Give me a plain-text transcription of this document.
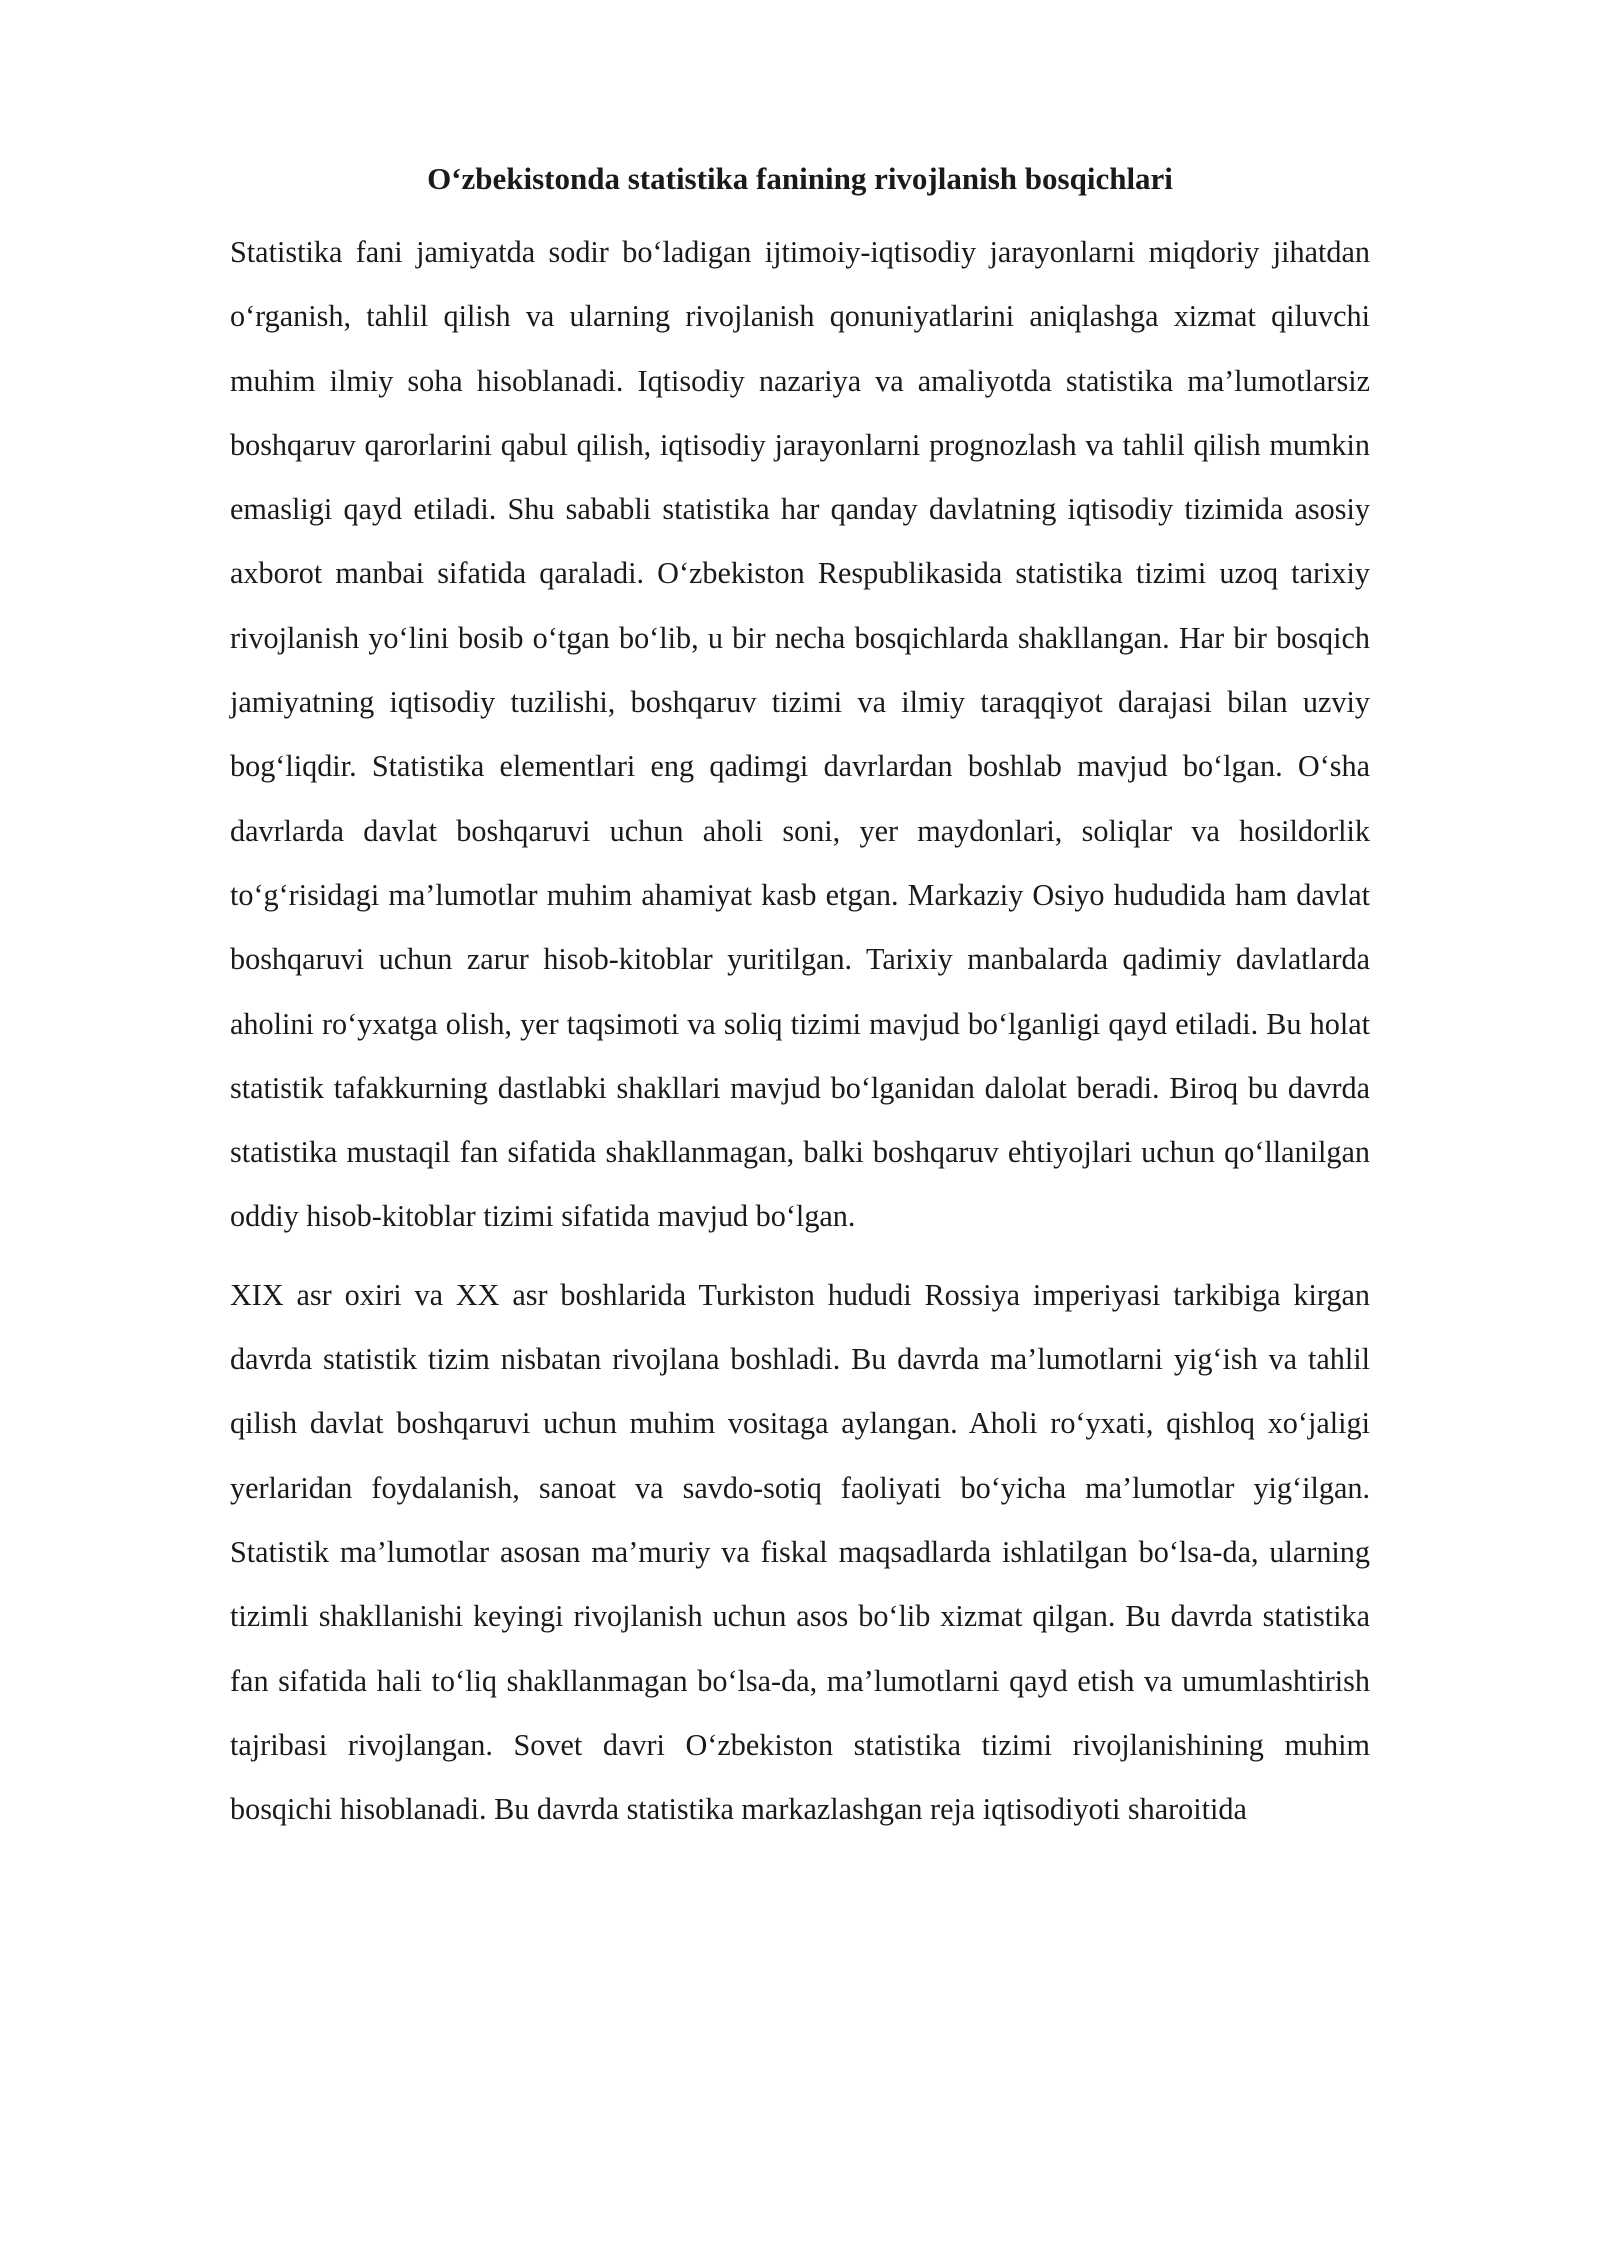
O‘zbekistonda statistika fanining rivojlanish bosqichlari

Statistika fani jamiyatda sodir bo‘ladigan ijtimoiy-iqtisodiy jarayonlarni miqdoriy jihatdan o‘rganish, tahlil qilish va ularning rivojlanish qonuniyatlarini aniqlashga xizmat qiluvchi muhim ilmiy soha hisoblanadi. Iqtisodiy nazariya va amaliyotda statistika ma’lumotlarsiz boshqaruv qarorlarini qabul qilish, iqtisodiy jarayonlarni prognozlash va tahlil qilish mumkin emasligi qayd etiladi. Shu sababli statistika har qanday davlatning iqtisodiy tizimida asosiy axborot manbai sifatida qaraladi. O‘zbekiston Respublikasida statistika tizimi uzoq tarixiy rivojlanish yo‘lini bosib o‘tgan bo‘lib, u bir necha bosqichlarda shakllangan. Har bir bosqich jamiyatning iqtisodiy tuzilishi, boshqaruv tizimi va ilmiy taraqqiyot darajasi bilan uzviy bog‘liqdir. Statistika elementlari eng qadimgi davrlardan boshlab mavjud bo‘lgan. O‘sha davrlarda davlat boshqaruvi uchun aholi soni, yer maydonlari, soliqlar va hosildorlik to‘g‘risidagi ma’lumotlar muhim ahamiyat kasb etgan. Markaziy Osiyo hududida ham davlat boshqaruvi uchun zarur hisob-kitoblar yuritilgan. Tarixiy manbalarda qadimiy davlatlarda aholini ro‘yxatga olish, yer taqsimoti va soliq tizimi mavjud bo‘lganligi qayd etiladi. Bu holat statistik tafakkurning dastlabki shakllari mavjud bo‘lganidan dalolat beradi. Biroq bu davrda statistika mustaqil fan sifatida shakllanmagan, balki boshqaruv ehtiyojlari uchun qo‘llanilgan oddiy hisob-kitoblar tizimi sifatida mavjud bo‘lgan.

XIX asr oxiri va XX asr boshlarida Turkiston hududi Rossiya imperiyasi tarkibiga kirgan davrda statistik tizim nisbatan rivojlana boshladi. Bu davrda ma’lumotlarni yig‘ish va tahlil qilish davlat boshqaruvi uchun muhim vositaga aylangan. Aholi ro‘yxati, qishloq xo‘jaligi yerlaridan foydalanish, sanoat va savdo-sotiq faoliyati bo‘yicha ma’lumotlar yig‘ilgan. Statistik ma’lumotlar asosan ma’muriy va fiskal maqsadlarda ishlatilgan bo‘lsa-da, ularning tizimli shakllanishi keyingi rivojlanish uchun asos bo‘lib xizmat qilgan. Bu davrda statistika fan sifatida hali to‘liq shakllanmagan bo‘lsa-da, ma’lumotlarni qayd etish va umumlashtirish tajribasi rivojlangan. Sovet davri O‘zbekiston statistika tizimi rivojlanishining muhim bosqichi hisoblanadi. Bu davrda statistika markazlashgan reja iqtisodiyoti sharoitida
